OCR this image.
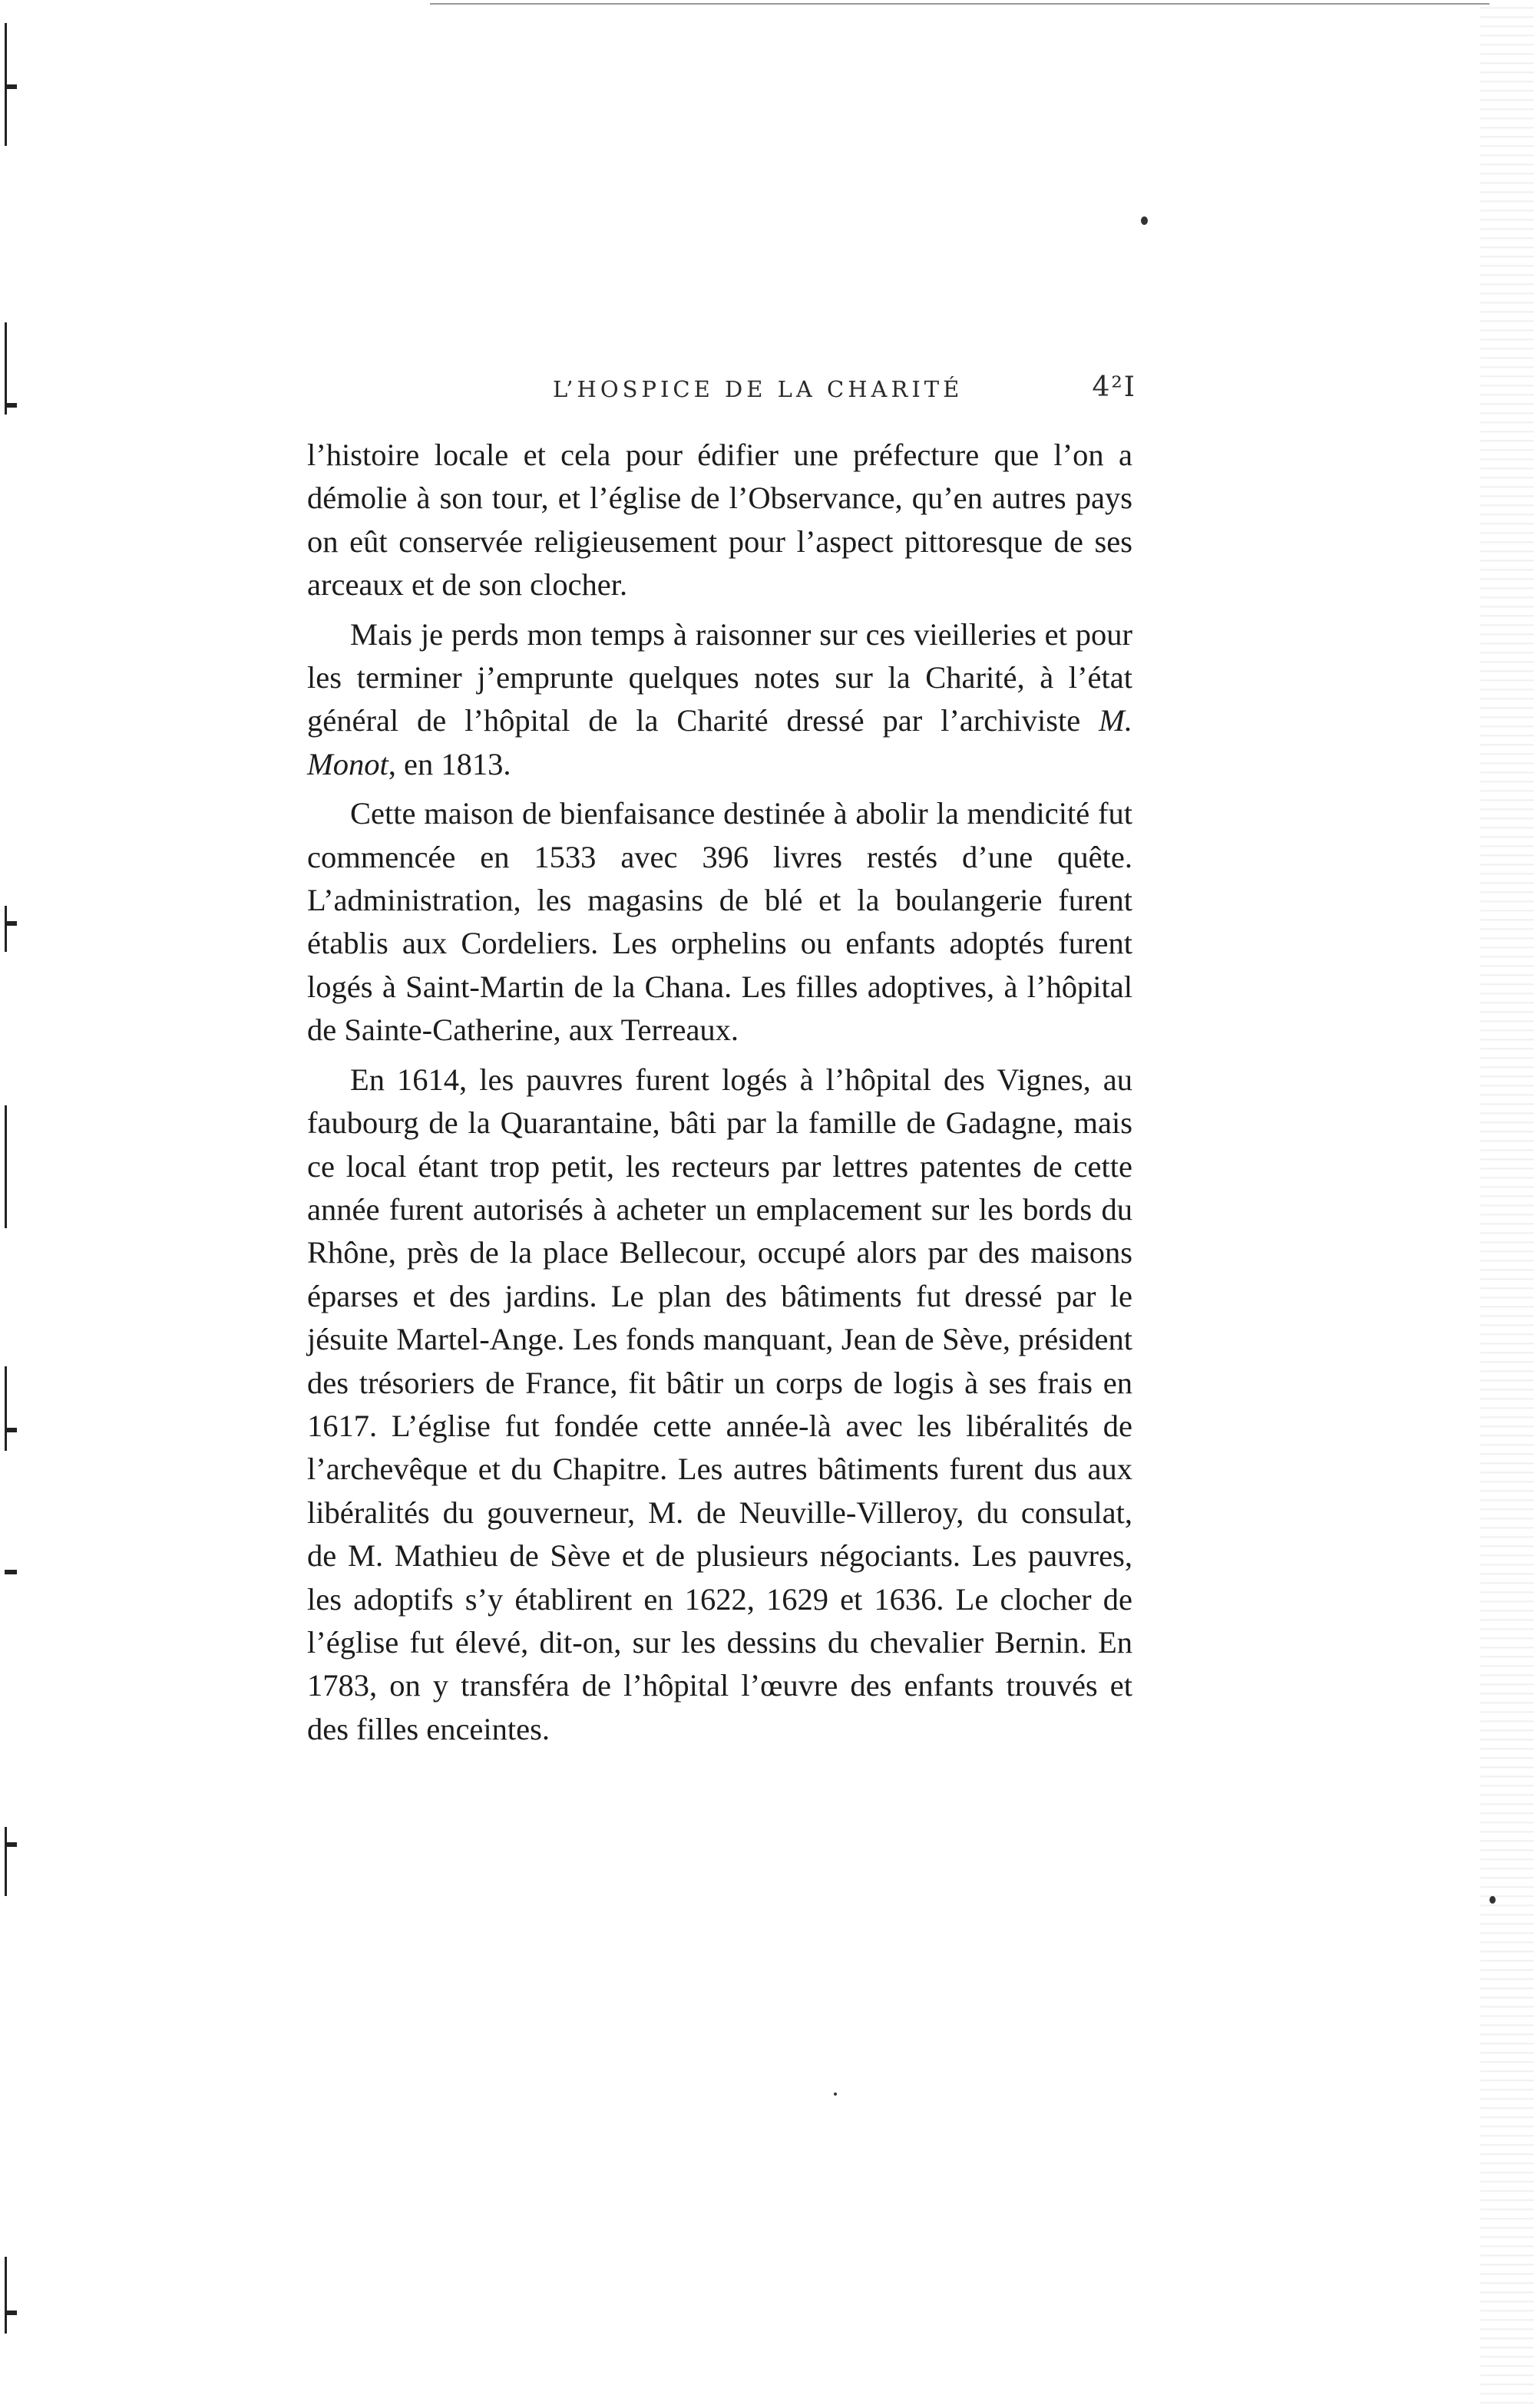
L’HOSPICE DE LA CHARITÉ	4²I

l’histoire locale et cela pour édifier une préfecture que l’on a démolie à son tour, et l’église de l’Observance, qu’en autres pays on eût conservée religieusement pour l’aspect pittoresque de ses arceaux et de son clocher.

Mais je perds mon temps à raisonner sur ces vieilleries et pour les terminer j’emprunte quelques notes sur la Charité, à l’état général de l’hôpital de la Charité dressé par l’archiviste M. Monot, en 1813.

Cette maison de bienfaisance destinée à abolir la mendicité fut commencée en 1533 avec 396 livres restés d’une quête. L’administration, les magasins de blé et la boulangerie furent établis aux Cordeliers. Les orphelins ou enfants adoptés furent logés à Saint-Martin de la Chana. Les filles adoptives, à l’hôpital de Sainte-Catherine, aux Terreaux.

En 1614, les pauvres furent logés à l’hôpital des Vignes, au faubourg de la Quarantaine, bâti par la famille de Gadagne, mais ce local étant trop petit, les recteurs par lettres patentes de cette année furent autorisés à acheter un emplacement sur les bords du Rhône, près de la place Bellecour, occupé alors par des maisons éparses et des jardins. Le plan des bâtiments fut dressé par le jésuite Martel-Ange. Les fonds manquant, Jean de Sève, président des trésoriers de France, fit bâtir un corps de logis à ses frais en 1617. L’église fut fondée cette année-là avec les libéralités de l’archevêque et du Chapitre. Les autres bâtiments furent dus aux libéralités du gouverneur, M. de Neuville-Villeroy, du consulat, de M. Mathieu de Sève et de plusieurs négociants. Les pauvres, les adoptifs s’y établirent en 1622, 1629 et 1636. Le clocher de l’église fut élevé, dit-on, sur les dessins du chevalier Bernin. En 1783, on y transféra de l’hôpital l’œuvre des enfants trouvés et des filles enceintes.
